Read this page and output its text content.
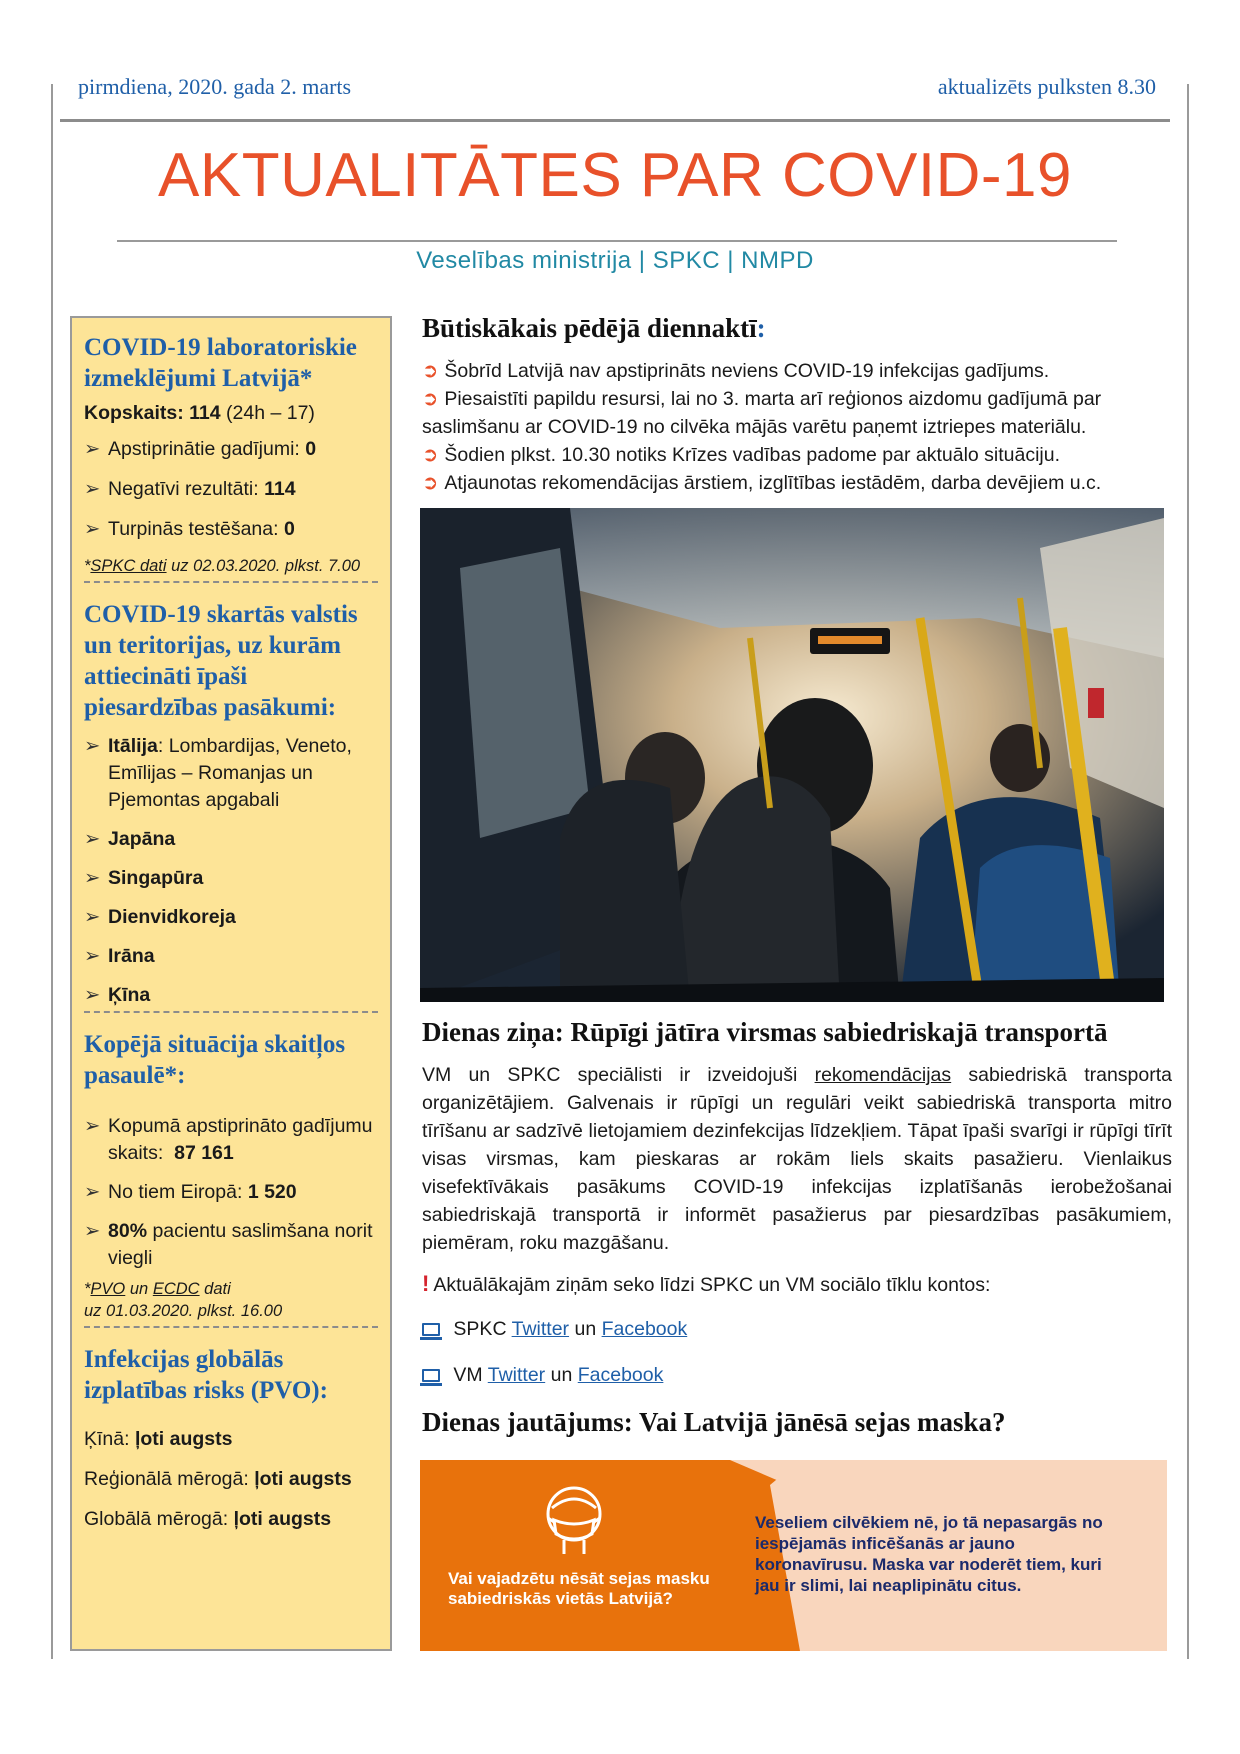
pirmdiena, 2020. gada 2. marts	aktualizēts pulksten 8.30
AKTUALITĀTES PAR COVID-19
Veselības ministrija | SPKC | NMPD
COVID-19 laboratoriskie izmeklējumi Latvijā*

Kopskaits: 114 (24h – 17)

➢ Apstiprinātie gadījumi: 0
➢ Negatīvi rezultāti: 114
➢ Turpinās testēšana: 0

*SPKC dati uz 02.03.2020. plkst. 7.00

COVID-19 skartās valstis un teritorijas, uz kurām attiecināti īpaši piesardzības pasākumi:
➢ Itālija: Lombardijas, Veneto, Emīlijas – Romanjas un Pjemontas apgabali
➢ Japāna
➢ Singapūra
➢ Dienvidkoreja
➢ Irāna
➢ Ķīna
Kopējā situācija skaitļos pasaulē*:
➢ Kopumā apstiprināto gadījumu skaits: 87 161
➢ No tiem Eiropā: 1 520
➢ 80% pacientu saslimšana norit viegli

*PVO un ECDC dati

uz 01.03.2020. plkst. 16.00

Infekcijas globālās izplatības risks (PVO):

Ķīnā: ļoti augsts

Reģionālā mērogā: ļoti augsts

Globālā mērogā: ļoti augsts

Būtiskākais pēdējā diennaktī:

➲ Šobrīd Latvijā nav apstiprināts neviens COVID-19 infekcijas gadījums.

➲ Piesaistīti papildu resursi, lai no 3. marta arī reģionos aizdomu gadījumā par saslimšanu ar COVID-19 no cilvēka mājās varētu paņemt iztriepes materiālu.

➲ Šodien plkst. 10.30 notiks Krīzes vadības padome par aktuālo situāciju.

➲ Atjaunotas rekomendācijas ārstiem, izglītības iestādēm, darba devējiem u.c.

Dienas ziņa: Rūpīgi jātīra virsmas sabiedriskajā transportā

VM un SPKC speciālisti ir izveidojuši rekomendācijas sabiedriskā transporta organizētājiem. Galvenais ir rūpīgi un regulāri veikt sabiedriskā transporta mitro tīrīšanu ar sadzīvē lietojamiem dezinfekcijas līdzekļiem. Tāpat īpaši svarīgi ir rūpīgi tīrīt visas virsmas, kam pieskaras ar rokām liels skaits pasažieru. Vienlaikus visefektīvākais pasākums COVID-19 infekcijas izplatīšanās ierobežošanai sabiedriskajā transportā ir informēt pasažierus par piesardzības pasākumiem, piemēram, roku mazgāšanu.

! Aktuālākajām ziņām seko līdzi SPKC un VM sociālo tīklu kontos:
SPKC Twitter un Facebook
VM Twitter un Facebook
Dienas jautājums: Vai Latvijā jānēsā sejas maska?
Vai vajadzētu nēsāt sejas masku sabiedriskās vietās Latvijā?
Veseliem cilvēkiem nē, jo tā nepasargās no iespējamās inficēšanās ar jauno koronavīrusu. Maska var noderēt tiem, kuri jau ir slimi, lai neaplipinātu citus.
